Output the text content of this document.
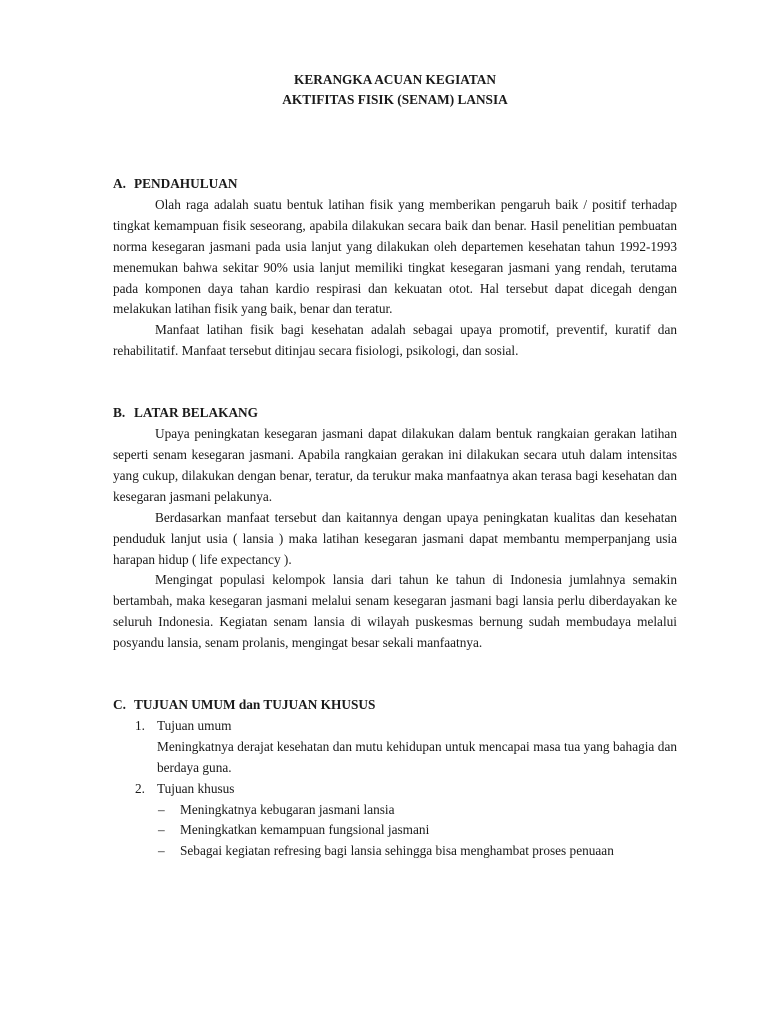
KERANGKA ACUAN KEGIATAN
AKTIFITAS FISIK (SENAM) LANSIA
A. PENDAHULUAN

Olah raga adalah suatu bentuk latihan fisik yang memberikan pengaruh baik / positif terhadap tingkat kemampuan fisik seseorang, apabila dilakukan secara baik dan benar. Hasil penelitian pembuatan norma kesegaran jasmani pada usia lanjut yang dilakukan oleh departemen kesehatan tahun 1992-1993 menemukan bahwa sekitar 90% usia lanjut memiliki tingkat kesegaran jasmani yang rendah, terutama pada komponen daya tahan kardio respirasi dan kekuatan otot. Hal tersebut dapat dicegah dengan melakukan latihan fisik yang baik, benar dan teratur.

Manfaat latihan fisik bagi kesehatan adalah sebagai upaya promotif, preventif, kuratif dan rehabilitatif. Manfaat tersebut ditinjau secara fisiologi, psikologi, dan sosial.

B. LATAR BELAKANG

Upaya peningkatan kesegaran jasmani dapat dilakukan dalam bentuk rangkaian gerakan latihan seperti senam kesegaran jasmani. Apabila rangkaian gerakan ini dilakukan secara utuh dalam intensitas yang cukup, dilakukan dengan benar, teratur, da terukur maka manfaatnya akan terasa bagi kesehatan dan kesegaran jasmani pelakunya.

Berdasarkan manfaat tersebut dan kaitannya dengan upaya peningkatan kualitas dan kesehatan penduduk lanjut usia ( lansia ) maka latihan kesegaran jasmani dapat membantu memperpanjang usia harapan hidup ( life expectancy ).

Mengingat populasi kelompok lansia dari tahun ke tahun di Indonesia jumlahnya semakin bertambah, maka kesegaran jasmani melalui senam kesegaran jasmani bagi lansia perlu diberdayakan ke seluruh Indonesia. Kegiatan senam lansia di wilayah puskesmas bernung sudah membudaya melalui posyandu lansia, senam prolanis, mengingat besar sekali manfaatnya.

C. TUJUAN UMUM dan TUJUAN KHUSUS

1. Tujuan umum

Meningkatnya derajat kesehatan dan mutu kehidupan untuk mencapai masa tua yang bahagia dan berdaya guna.

2. Tujuan khusus

– Meningkatnya kebugaran jasmani lansia

– Meningkatkan kemampuan fungsional jasmani

– Sebagai kegiatan refresing bagi lansia sehingga bisa menghambat proses penuaan
